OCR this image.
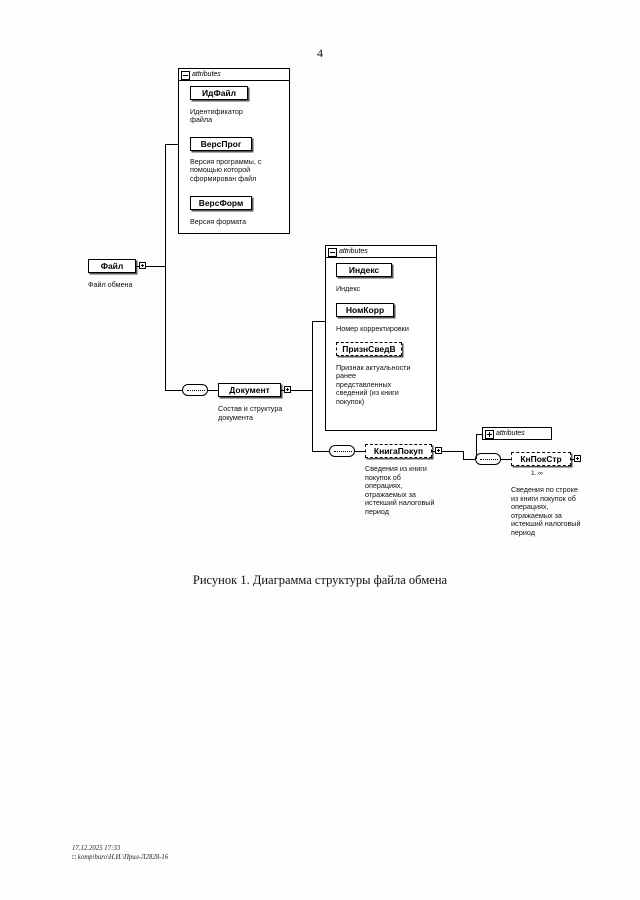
4
attributes
ИдФайл
Идентификатор
файла
ВерсПрог
Версия программы, с
помощью которой
сформирован файл
ВерсФорм
Версия формата
attributes
Индекс
Индекс
НомКорр
Номер корректировки
ПризнСведВ
Признак актуальности
ранее
представленных
сведений (из книги
покупок)
attributes
Файл
Файл обмена
Документ
Состав и структура
документа
КнигаПокуп
Сведения из книги
покупок об
операциях,
отражаемых за
истекший налоговый
период
КнПокСтр
1..∞
Сведения по строке
из книги покупок об
операциях,
отражаемых за
истекший налоговый
период
Рисунок 1. Диаграмма структуры файла обмена
17.12.2025 17:33
□ komp\buro\Н.И.\Прил-Л2828-16
